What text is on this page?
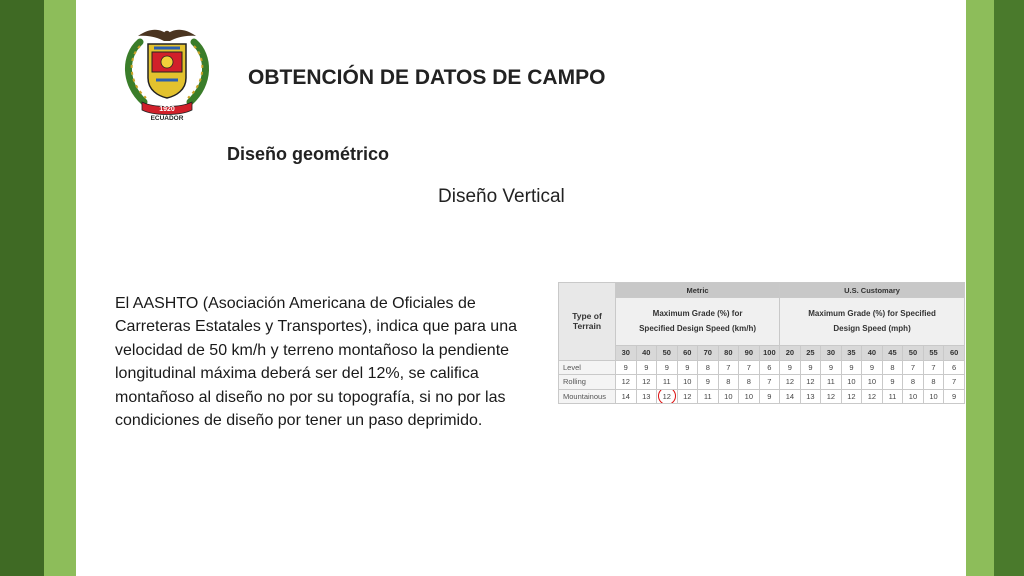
1920
ECUADOR
OBTENCIÓN DE DATOS DE CAMPO
Diseño geométrico
Diseño Vertical
El AASHTO (Asociación Americana de Oficiales de Carreteras Estatales y Transportes), indica que para una velocidad de 50 km/h y terreno montañoso la pendiente longitudinal máxima deberá ser del 12%, se califica montañoso al diseño no por su topografía, si no por las condiciones de diseño por tener un paso deprimido.
Type of Terrain	Metric								U.S. Customary								
	Maximum Grade (%) for Specified Design Speed (km/h)								Maximum Grade (%) for Specified Design Speed (mph)								
	30	40	50	60	70	80	90	100	20	25	30	35	40	45	50	55	60
Level	9	9	9	9	8	7	7	6	9	9	9	9	9	8	7	7	6
Rolling	12	12	11	10	9	8	8	7	12	12	11	10	10	9	8	8	7
Mountainous	14	13	12	12	11	10	10	9	14	13	12	12	12	11	10	10	9
